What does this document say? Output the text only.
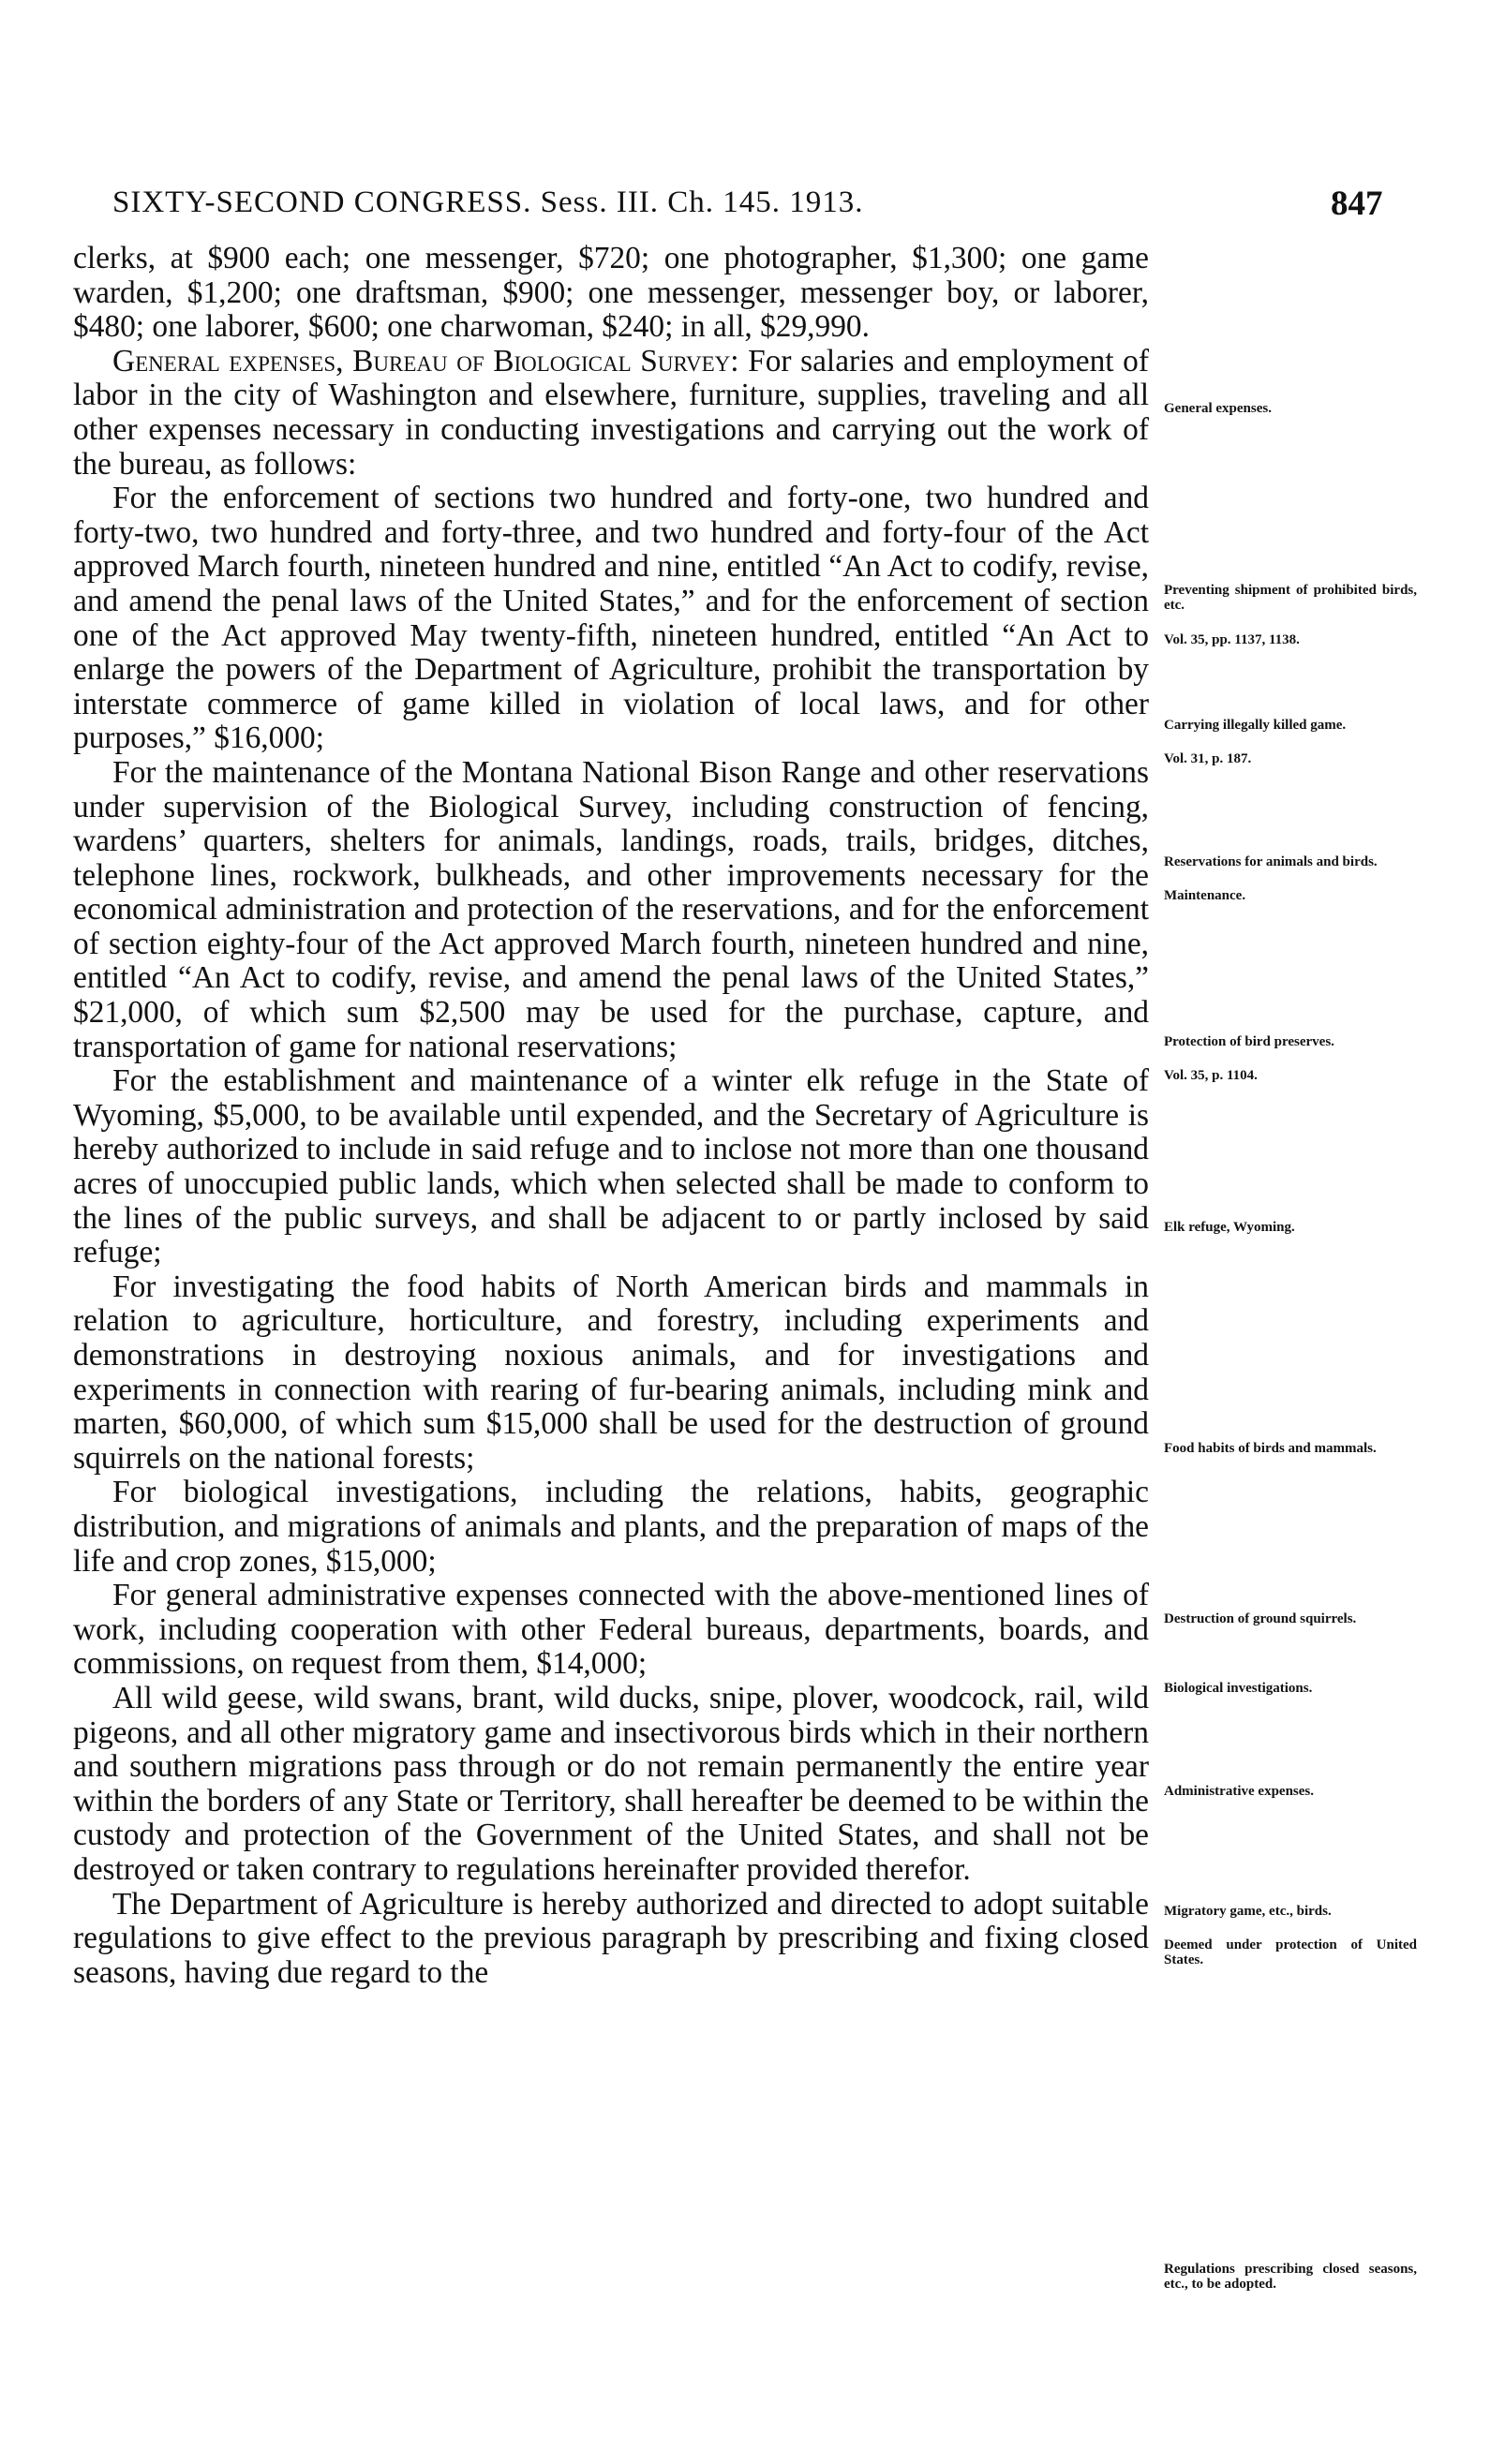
SIXTY-SECOND CONGRESS. Sess. III. Ch. 145. 1913.	847

clerks, at $900 each; one messenger, $720; one photographer, $1,300; one game warden, $1,200; one draftsman, $900; one messenger, messenger boy, or laborer, $480; one laborer, $600; one charwoman, $240; in all, $29,990.

General expenses, Bureau of Biological Survey: For salaries and employment of labor in the city of Washington and elsewhere, furniture, supplies, traveling and all other expenses necessary in conducting investigations and carrying out the work of the bureau, as follows:

For the enforcement of sections two hundred and forty-one, two hundred and forty-two, two hundred and forty-three, and two hundred and forty-four of the Act approved March fourth, nineteen hundred and nine, entitled “An Act to codify, revise, and amend the penal laws of the United States,” and for the enforcement of section one of the Act approved May twenty-fifth, nineteen hundred, entitled “An Act to enlarge the powers of the Department of Agriculture, prohibit the transportation by interstate commerce of game killed in violation of local laws, and for other purposes,” $16,000;

For the maintenance of the Montana National Bison Range and other reservations under supervision of the Biological Survey, including construction of fencing, wardens’ quarters, shelters for animals, landings, roads, trails, bridges, ditches, telephone lines, rockwork, bulkheads, and other improvements necessary for the economical administration and protection of the reservations, and for the enforcement of section eighty-four of the Act approved March fourth, nineteen hundred and nine, entitled “An Act to codify, revise, and amend the penal laws of the United States,” $21,000, of which sum $2,500 may be used for the purchase, capture, and transportation of game for national reservations;

For the establishment and maintenance of a winter elk refuge in the State of Wyoming, $5,000, to be available until expended, and the Secretary of Agriculture is hereby authorized to include in said refuge and to inclose not more than one thousand acres of unoccupied public lands, which when selected shall be made to conform to the lines of the public surveys, and shall be adjacent to or partly inclosed by said refuge;

For investigating the food habits of North American birds and mammals in relation to agriculture, horticulture, and forestry, including experiments and demonstrations in destroying noxious animals, and for investigations and experiments in connection with rearing of fur-bearing animals, including mink and marten, $60,000, of which sum $15,000 shall be used for the destruction of ground squirrels on the national forests;

For biological investigations, including the relations, habits, geographic distribution, and migrations of animals and plants, and the preparation of maps of the life and crop zones, $15,000;

For general administrative expenses connected with the above-mentioned lines of work, including cooperation with other Federal bureaus, departments, boards, and commissions, on request from them, $14,000;

All wild geese, wild swans, brant, wild ducks, snipe, plover, woodcock, rail, wild pigeons, and all other migratory game and insectivorous birds which in their northern and southern migrations pass through or do not remain permanently the entire year within the borders of any State or Territory, shall hereafter be deemed to be within the custody and protection of the Government of the United States, and shall not be destroyed or taken contrary to regulations hereinafter provided therefor.

The Department of Agriculture is hereby authorized and directed to adopt suitable regulations to give effect to the previous paragraph by prescribing and fixing closed seasons, having due regard to the

General expenses.
Preventing shipment of prohibited birds, etc.
Vol. 35, pp. 1137, 1138.
Carrying illegally killed game.
Vol. 31, p. 187.
Reservations for animals and birds.
Maintenance.
Protection of bird preserves.
Vol. 35, p. 1104.
Elk refuge, Wyoming.
Food habits of birds and mammals.
Destruction of ground squirrels.
Biological investigations.
Administrative expenses.
Migratory game, etc., birds.
Deemed under protection of United States.
Regulations prescribing closed seasons, etc., to be adopted.
